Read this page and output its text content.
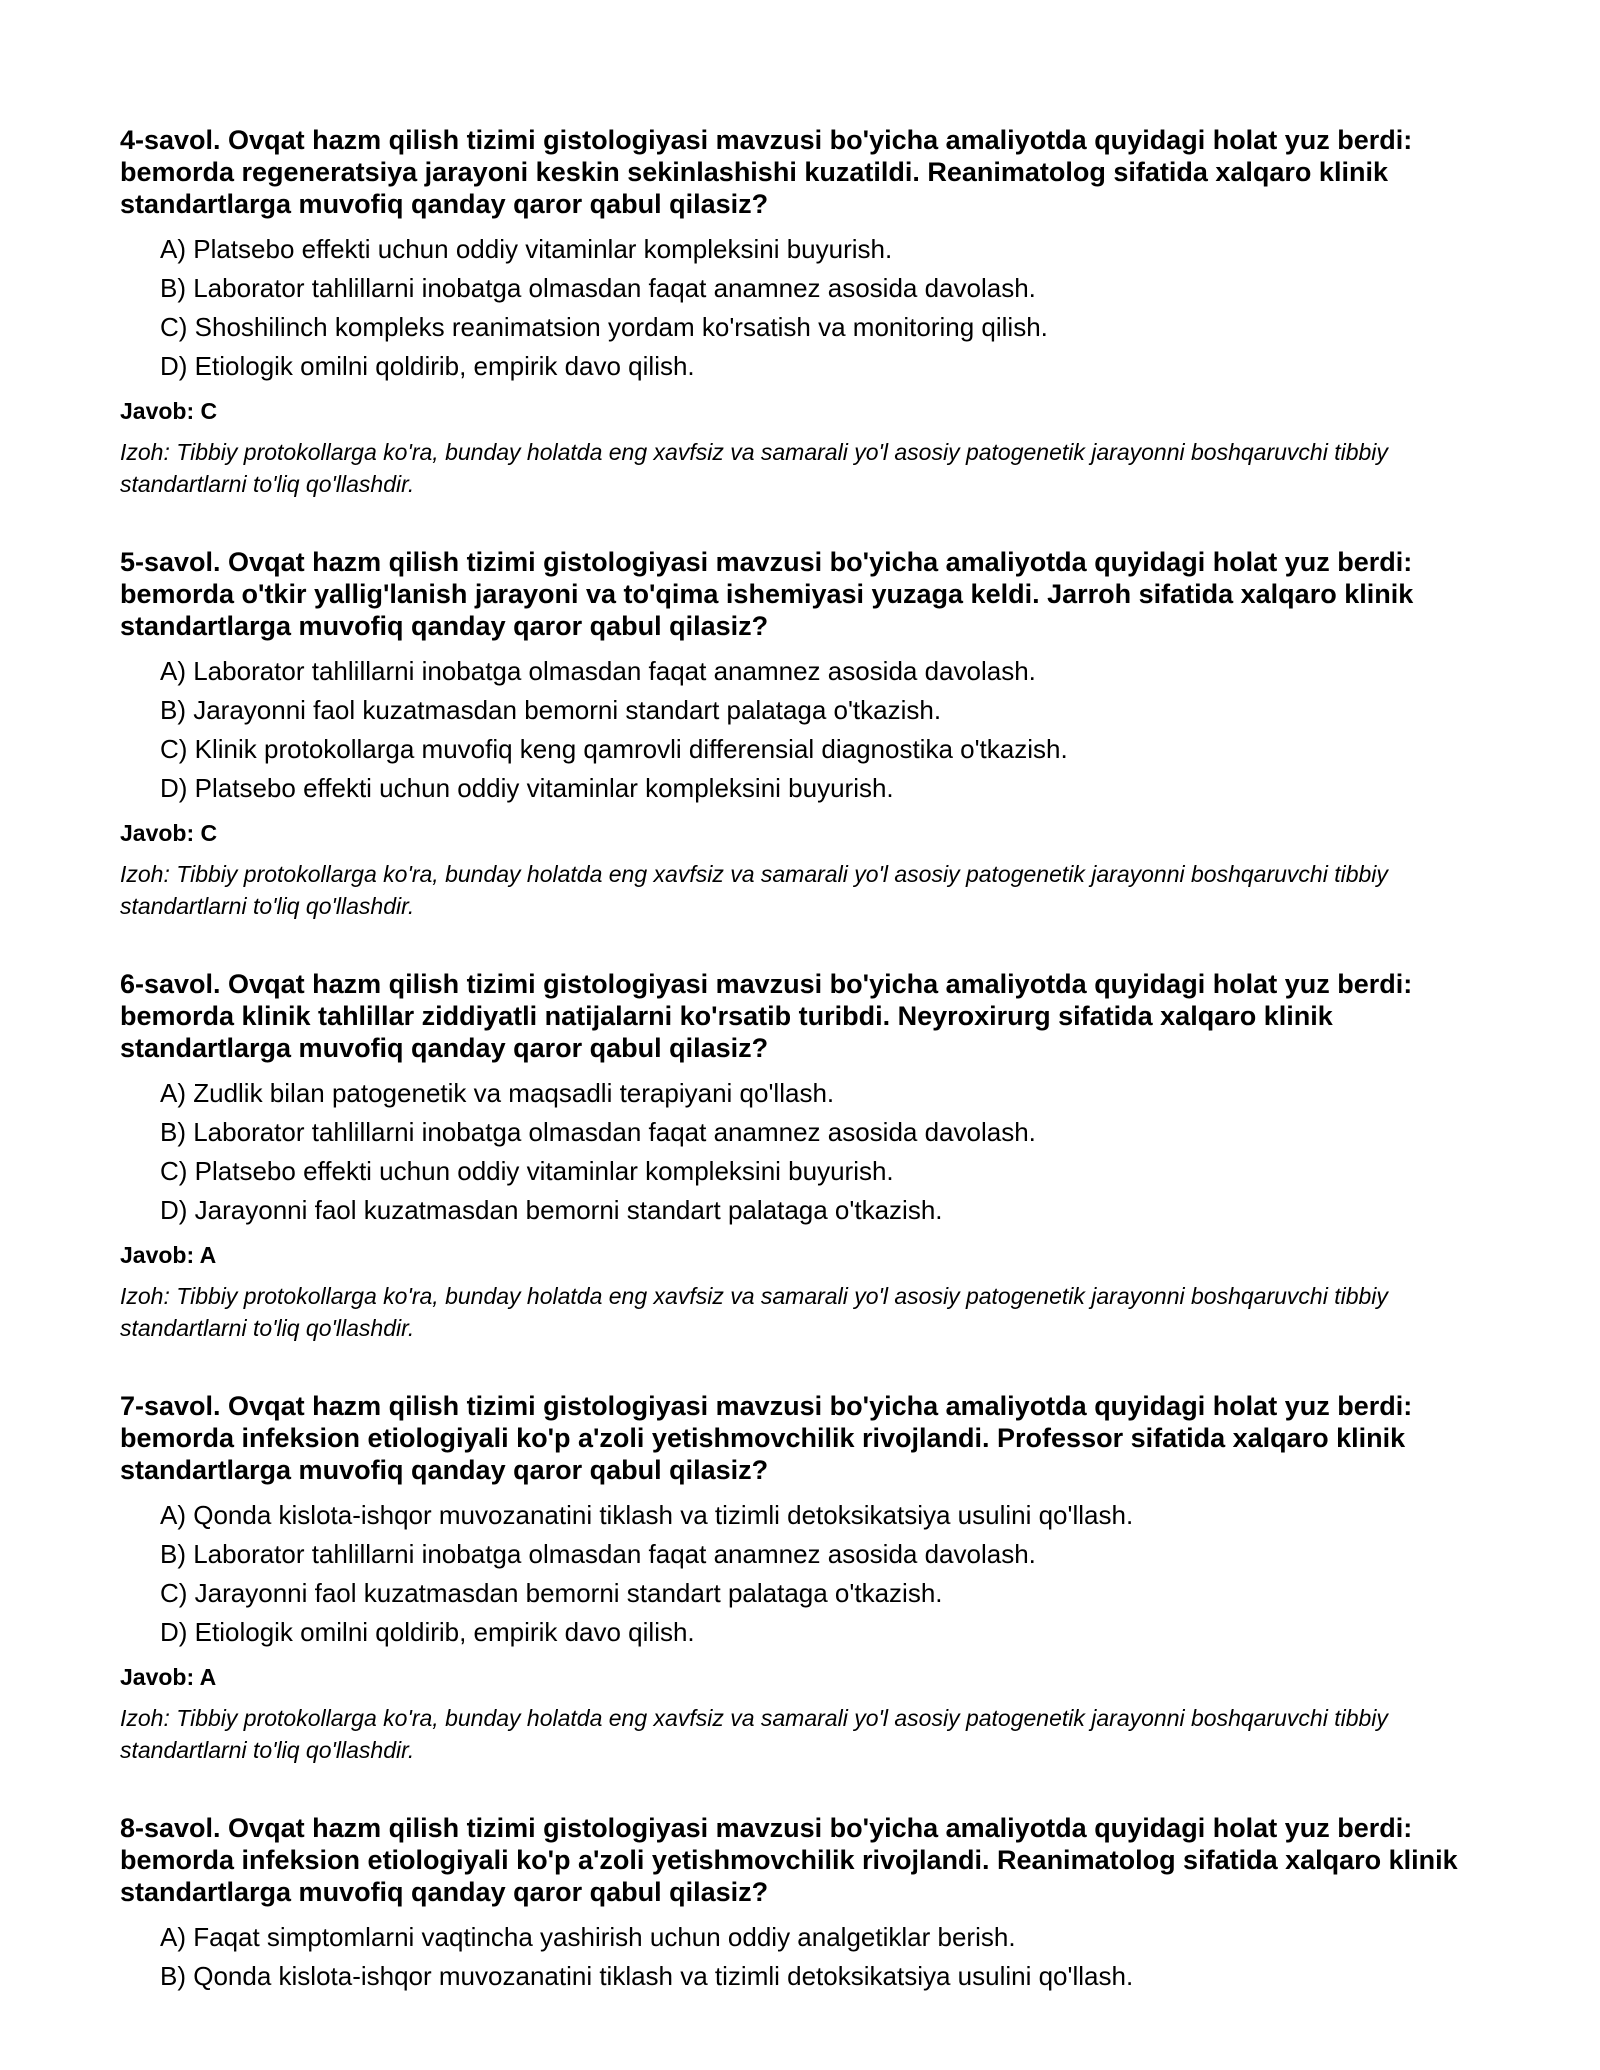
4-savol. Ovqat hazm qilish tizimi gistologiyasi mavzusi bo'yicha amaliyotda quyidagi holat yuz berdi: bemorda regeneratsiya jarayoni keskin sekinlashishi kuzatildi. Reanimatolog sifatida xalqaro klinik standartlarga muvofiq qanday qaror qabul qilasiz?

A) Platsebo effekti uchun oddiy vitaminlar kompleksini buyurish.
B) Laborator tahlillarni inobatga olmasdan faqat anamnez asosida davolash.
C) Shoshilinch kompleks reanimatsion yordam ko'rsatish va monitoring qilish.
D) Etiologik omilni qoldirib, empirik davo qilish.

Javob: C

Izoh: Tibbiy protokollarga ko'ra, bunday holatda eng xavfsiz va samarali yo'l asosiy patogenetik jarayonni boshqaruvchi tibbiy standartlarni to'liq qo'llashdir.

5-savol. Ovqat hazm qilish tizimi gistologiyasi mavzusi bo'yicha amaliyotda quyidagi holat yuz berdi: bemorda o'tkir yallig'lanish jarayoni va to'qima ishemiyasi yuzaga keldi. Jarroh sifatida xalqaro klinik standartlarga muvofiq qanday qaror qabul qilasiz?

A) Laborator tahlillarni inobatga olmasdan faqat anamnez asosida davolash.
B) Jarayonni faol kuzatmasdan bemorni standart palataga o'tkazish.
C) Klinik protokollarga muvofiq keng qamrovli differensial diagnostika o'tkazish.
D) Platsebo effekti uchun oddiy vitaminlar kompleksini buyurish.

Javob: C

Izoh: Tibbiy protokollarga ko'ra, bunday holatda eng xavfsiz va samarali yo'l asosiy patogenetik jarayonni boshqaruvchi tibbiy standartlarni to'liq qo'llashdir.

6-savol. Ovqat hazm qilish tizimi gistologiyasi mavzusi bo'yicha amaliyotda quyidagi holat yuz berdi: bemorda klinik tahlillar ziddiyatli natijalarni ko'rsatib turibdi. Neyroxirurg sifatida xalqaro klinik standartlarga muvofiq qanday qaror qabul qilasiz?

A) Zudlik bilan patogenetik va maqsadli terapiyani qo'llash.
B) Laborator tahlillarni inobatga olmasdan faqat anamnez asosida davolash.
C) Platsebo effekti uchun oddiy vitaminlar kompleksini buyurish.
D) Jarayonni faol kuzatmasdan bemorni standart palataga o'tkazish.

Javob: A

Izoh: Tibbiy protokollarga ko'ra, bunday holatda eng xavfsiz va samarali yo'l asosiy patogenetik jarayonni boshqaruvchi tibbiy standartlarni to'liq qo'llashdir.

7-savol. Ovqat hazm qilish tizimi gistologiyasi mavzusi bo'yicha amaliyotda quyidagi holat yuz berdi: bemorda infeksion etiologiyali ko'p a'zoli yetishmovchilik rivojlandi. Professor sifatida xalqaro klinik standartlarga muvofiq qanday qaror qabul qilasiz?

A) Qonda kislota-ishqor muvozanatini tiklash va tizimli detoksikatsiya usulini qo'llash.
B) Laborator tahlillarni inobatga olmasdan faqat anamnez asosida davolash.
C) Jarayonni faol kuzatmasdan bemorni standart palataga o'tkazish.
D) Etiologik omilni qoldirib, empirik davo qilish.

Javob: A

Izoh: Tibbiy protokollarga ko'ra, bunday holatda eng xavfsiz va samarali yo'l asosiy patogenetik jarayonni boshqaruvchi tibbiy standartlarni to'liq qo'llashdir.

8-savol. Ovqat hazm qilish tizimi gistologiyasi mavzusi bo'yicha amaliyotda quyidagi holat yuz berdi: bemorda infeksion etiologiyali ko'p a'zoli yetishmovchilik rivojlandi. Reanimatolog sifatida xalqaro klinik standartlarga muvofiq qanday qaror qabul qilasiz?

A) Faqat simptomlarni vaqtincha yashirish uchun oddiy analgetiklar berish.
B) Qonda kislota-ishqor muvozanatini tiklash va tizimli detoksikatsiya usulini qo'llash.
